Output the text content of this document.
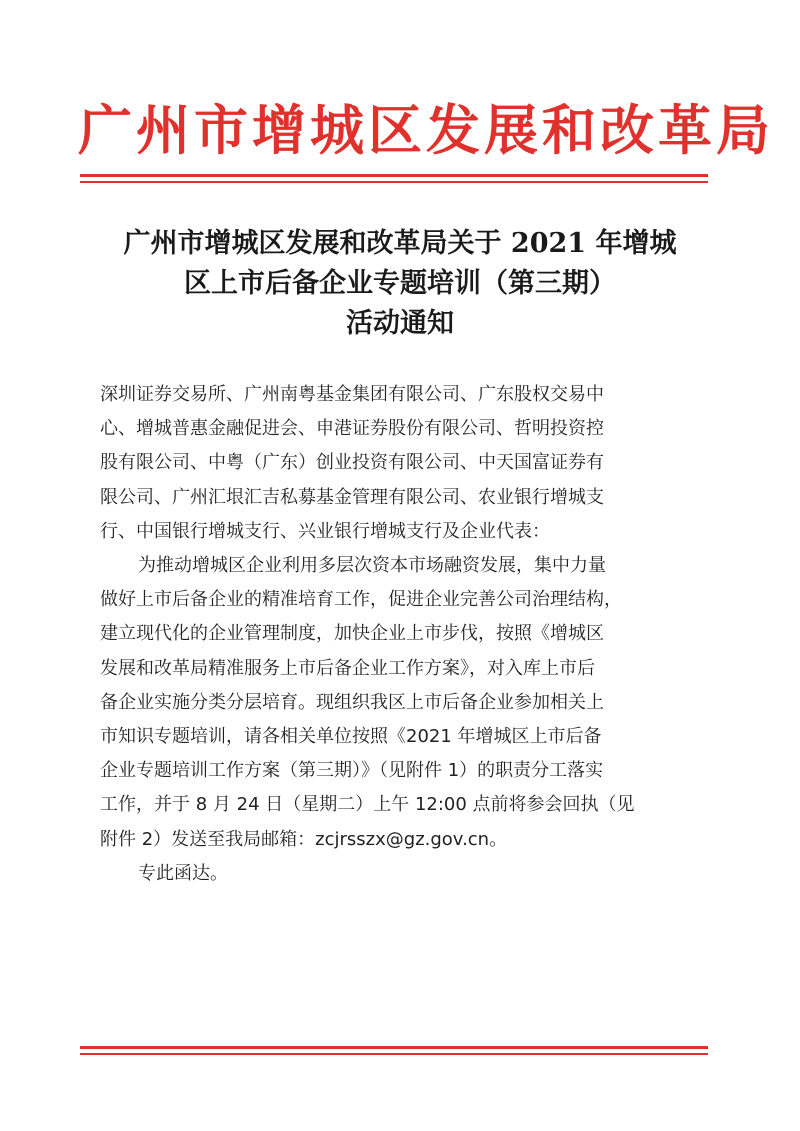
广州市增城区发展和改革局
广州市增城区发展和改革局关于 2021 年增城
区上市后备企业专题培训（第三期）
活动通知
深圳证券交易所、广州南粤基金集团有限公司、广东股权交易中
心、增城普惠金融促进会、申港证券股份有限公司、哲明投资控
股有限公司、中粤（广东）创业投资有限公司、中天国富证券有
限公司、广州汇垠汇吉私募基金管理有限公司、农业银行增城支
行、中国银行增城支行、兴业银行增城支行及企业代表：
为推动增城区企业利用多层次资本市场融资发展，集中力量
做好上市后备企业的精准培育工作，促进企业完善公司治理结构，
建立现代化的企业管理制度，加快企业上市步伐，按照《增城区
发展和改革局精准服务上市后备企业工作方案》，对入库上市后
备企业实施分类分层培育。现组织我区上市后备企业参加相关上
市知识专题培训，请各相关单位按照《2021 年增城区上市后备
企业专题培训工作方案（第三期）》（见附件 1）的职责分工落实
工作，并于 8 月 24 日（星期二）上午 12:00 点前将参会回执（见
附件 2）发送至我局邮箱：zcjrsszx@gz.gov.cn。
专此函达。
